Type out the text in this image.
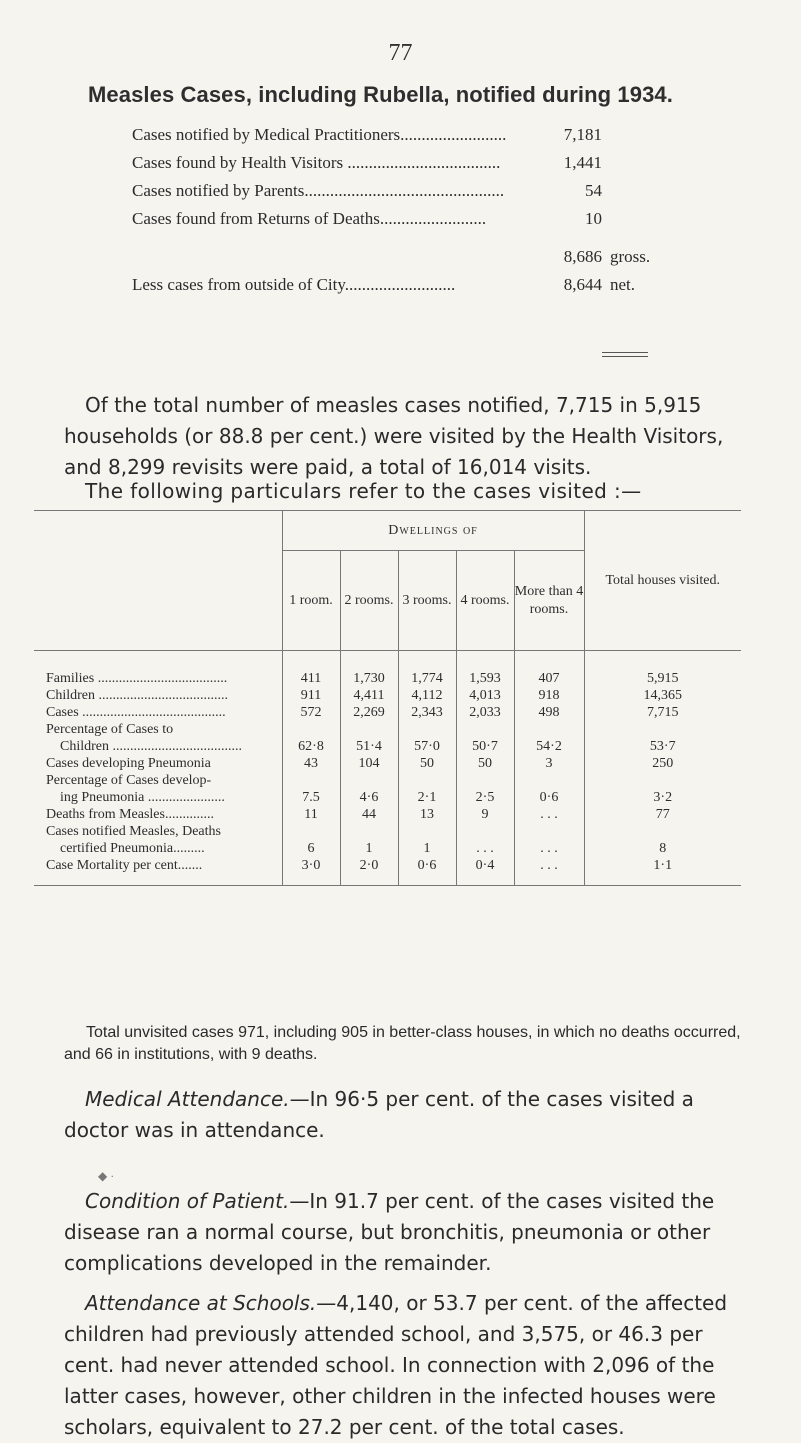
77
Measles Cases, including Rubella, notified during 1934.
Cases notified by Medical Practitioners.........................	7,181
Cases found by Health Visitors ....................................	1,441
Cases notified by Parents...............................................	54
Cases found from Returns of Deaths.........................	10
8,686 gross.
Less cases from outside of City..........................	8,644 net.
Of the total number of measles cases notified, 7,715 in 5,915 households (or 88.8 per cent.) were visited by the Health Visitors, and 8,299 revisits were paid, a total of 16,014 visits.
The following particulars refer to the cases visited :—
	Dwellings of					Total houses visited.
	1 room.	2 rooms.	3 rooms.	4 rooms.	More than 4 rooms.	
Families .....................................	411	1,730	1,774	1,593	407	5,915
Children .....................................	911	4,411	4,112	4,013	918	14,365
Cases .........................................	572	2,269	2,343	2,033	498	7,715
Percentage of Cases to
Children .....................................	62·8	51·4	57·0	50·7	54·2	53·7
Cases developing Pneumonia	43	104	50	50	3	250
Percentage of Cases develop-
ing Pneumonia ......................	7.5	4·6	2·1	2·5	0·6	3·2
Deaths from Measles..............	11	44	13	9	. . .	77
Cases notified Measles, Deaths
certified Pneumonia.........	6	1	1	. . .	. . .	8
Case Mortality per cent.......	3·0	2·0	0·6	0·4	. . .	1·1

Total unvisited cases 971, including 905 in better-class houses, in which no deaths occurred, and 66 in institutions, with 9 deaths.
Medical Attendance.—In 96·5 per cent. of the cases visited a doctor was in attendance.
◆ ·
Condition of Patient.—In 91.7 per cent. of the cases visited the disease ran a normal course, but bronchitis, pneumonia or other complications developed in the remainder.
Attendance at Schools.—4,140, or 53.7 per cent. of the affected children had previously attended school, and 3,575, or 46.3 per cent. had never attended school. In connection with 2,096 of the latter cases, however, other children in the infected houses were scholars, equivalent to 27.2 per cent. of the total cases.
